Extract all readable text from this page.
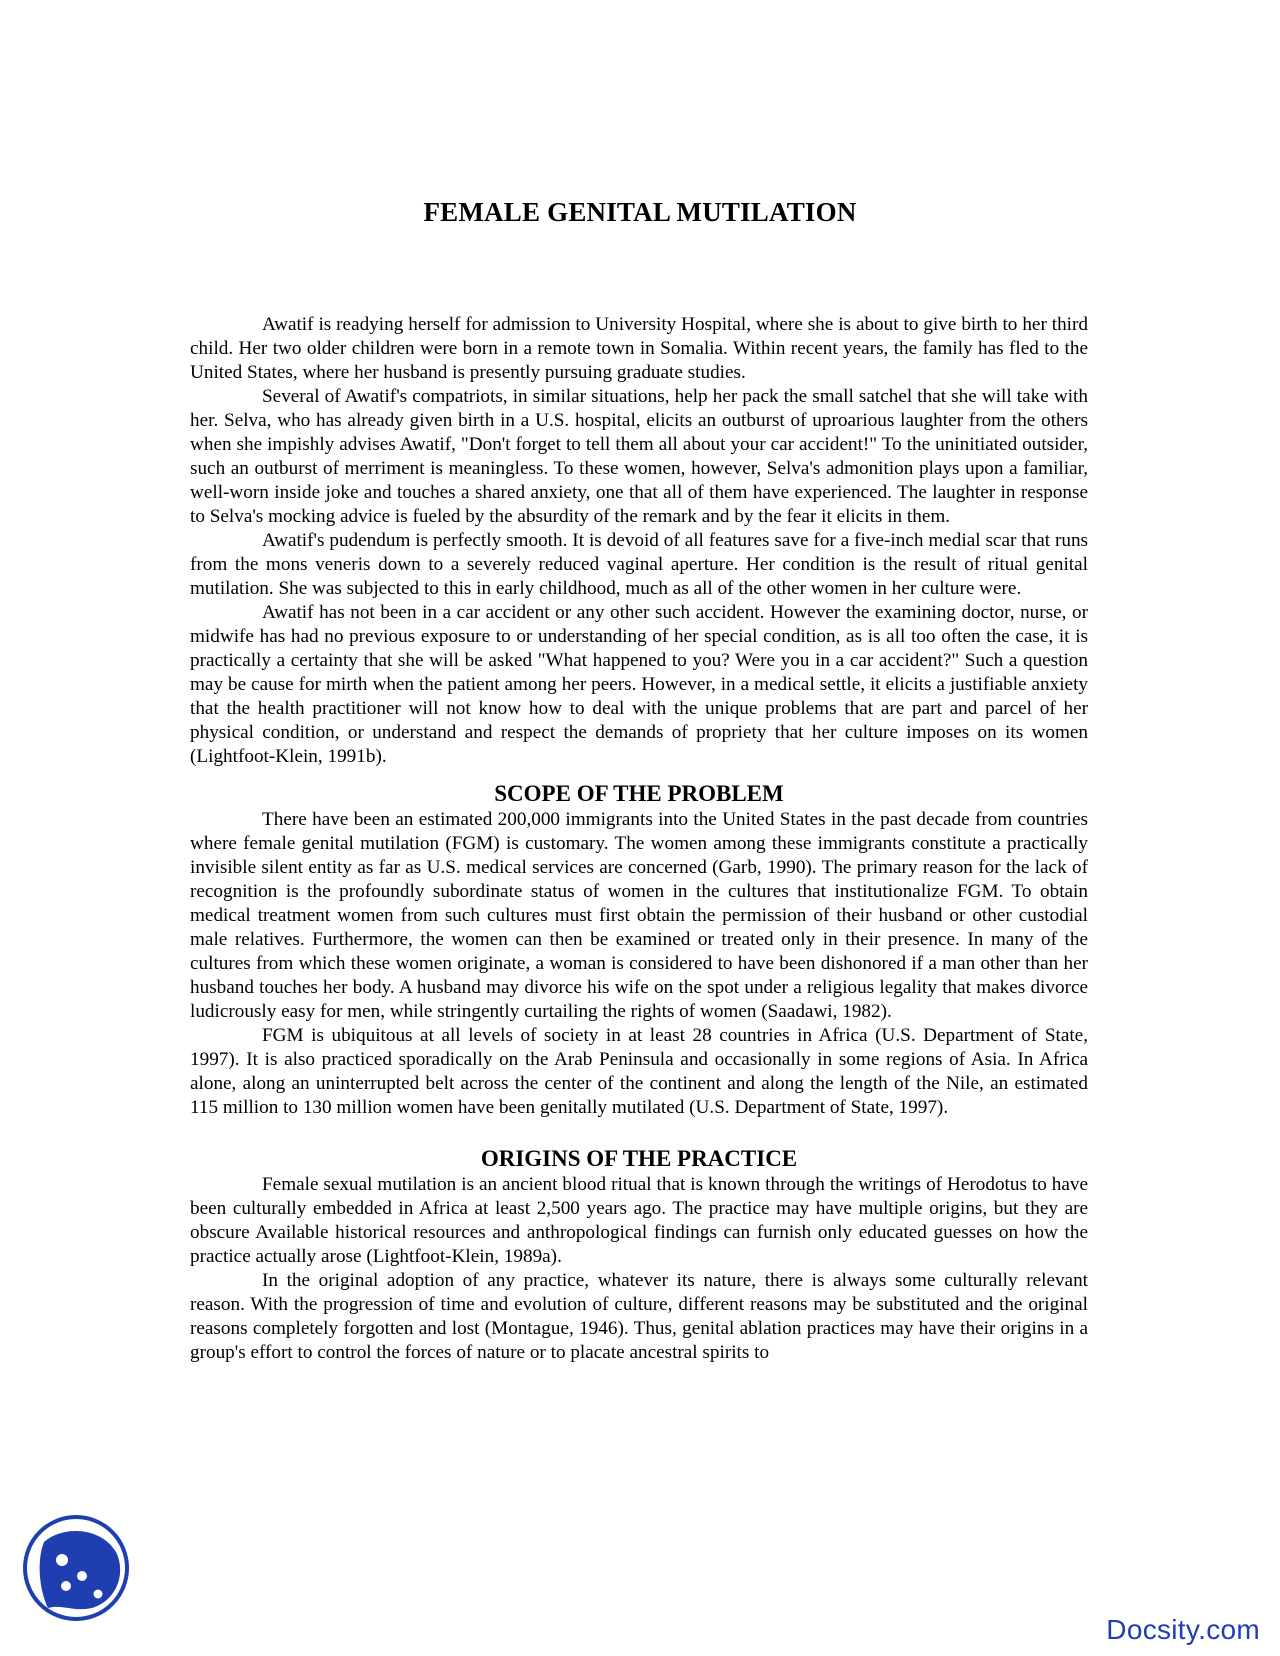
FEMALE GENITAL MUTILATION

Awatif is readying herself for admission to University Hospital, where she is about to give birth to her third child. Her two older children were born in a remote town in Somalia. Within recent years, the family has fled to the United States, where her husband is presently pursuing graduate studies.

Several of Awatif's compatriots, in similar situations, help her pack the small satchel that she will take with her. Selva, who has already given birth in a U.S. hospital, elicits an outburst of uproarious laughter from the others when she impishly advises Awatif, "Don't forget to tell them all about your car accident!" To the uninitiated outsider, such an outburst of merriment is meaningless. To these women, however, Selva's admonition plays upon a familiar, well-worn inside joke and touches a shared anxiety, one that all of them have experienced. The laughter in response to Selva's mocking advice is fueled by the absurdity of the remark and by the fear it elicits in them.

Awatif's pudendum is perfectly smooth. It is devoid of all features save for a five-inch medial scar that runs from the mons veneris down to a severely reduced vaginal aperture. Her condition is the result of ritual genital mutilation. She was subjected to this in early childhood, much as all of the other women in her culture were.

Awatif has not been in a car accident or any other such accident. However the examining doctor, nurse, or midwife has had no previous exposure to or understanding of her special condition, as is all too often the case, it is practically a certainty that she will be asked "What happened to you? Were you in a car accident?" Such a question may be cause for mirth when the patient among her peers. However, in a medical settle, it elicits a justifiable anxiety that the health practitioner will not know how to deal with the unique problems that are part and parcel of her physical condition, or understand and respect the demands of propriety that her culture imposes on its women (Lightfoot-Klein, 1991b).

SCOPE OF THE PROBLEM

There have been an estimated 200,000 immigrants into the United States in the past decade from countries where female genital mutilation (FGM) is customary. The women among these immigrants constitute a practically invisible silent entity as far as U.S. medical services are concerned (Garb, 1990). The primary reason for the lack of recognition is the profoundly subordinate status of women in the cultures that institutionalize FGM. To obtain medical treatment women from such cultures must first obtain the permission of their husband or other custodial male relatives. Furthermore, the women can then be examined or treated only in their presence. In many of the cultures from which these women originate, a woman is considered to have been dishonored if a man other than her husband touches her body. A husband may divorce his wife on the spot under a religious legality that makes divorce ludicrously easy for men, while stringently curtailing the rights of women (Saadawi, 1982).

FGM is ubiquitous at all levels of society in at least 28 countries in Africa (U.S. Department of State, 1997). It is also practiced sporadically on the Arab Peninsula and occasionally in some regions of Asia. In Africa alone, along an uninterrupted belt across the center of the continent and along the length of the Nile, an estimated 115 million to 130 million women have been genitally mutilated (U.S. Department of State, 1997).

ORIGINS OF THE PRACTICE

Female sexual mutilation is an ancient blood ritual that is known through the writings of Herodotus to have been culturally embedded in Africa at least 2,500 years ago. The practice may have multiple origins, but they are obscure Available historical resources and anthropological findings can furnish only educated guesses on how the practice actually arose (Lightfoot-Klein, 1989a).

In the original adoption of any practice, whatever its nature, there is always some culturally relevant reason. With the progression of time and evolution of culture, different reasons may be substituted and the original reasons completely forgotten and lost (Montague, 1946). Thus, genital ablation practices may have their origins in a group's effort to control the forces of nature or to placate ancestral spirits to

Docsity.com
